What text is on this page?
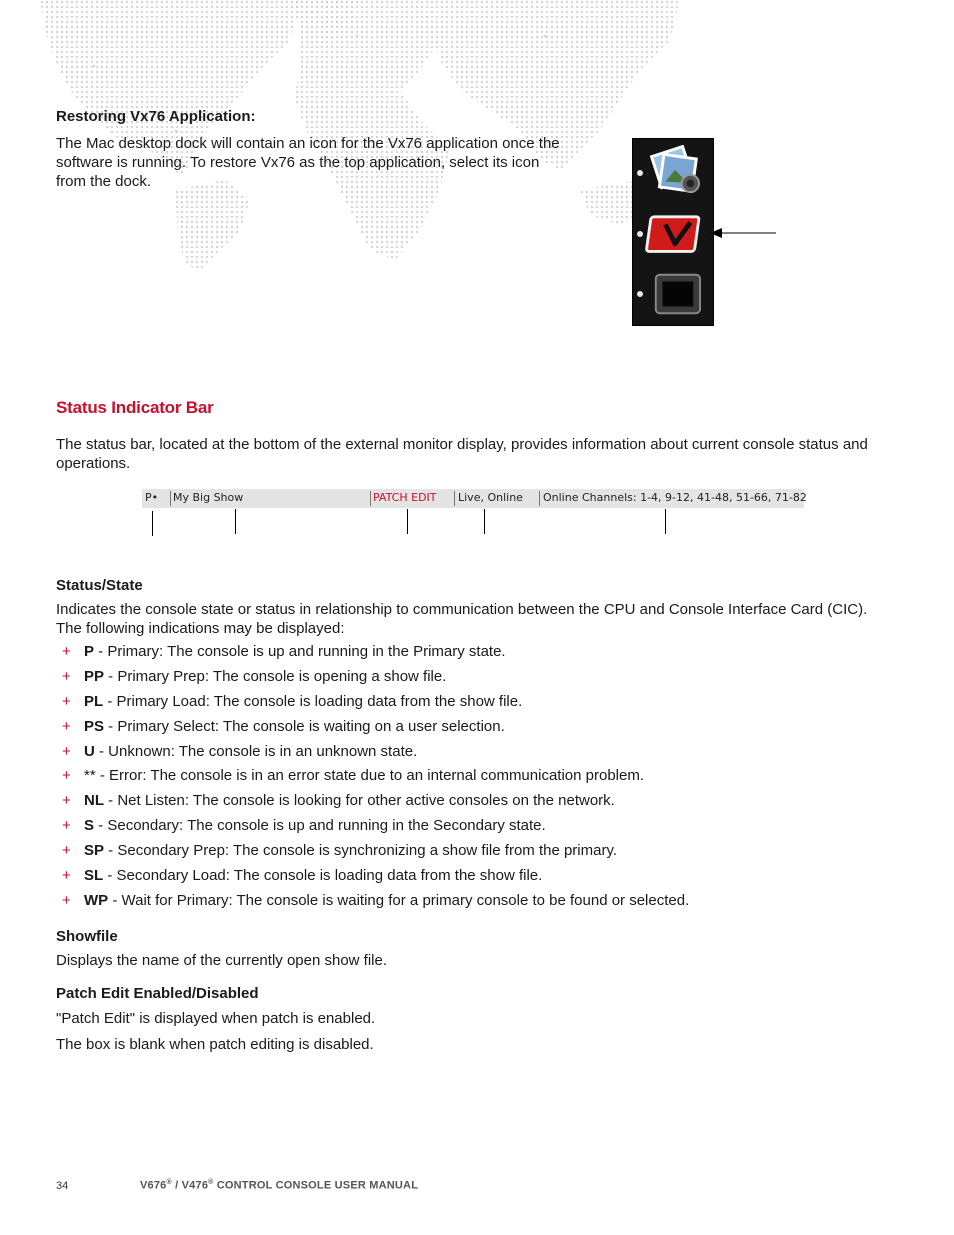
Restoring Vx76 Application:
The Mac desktop dock will contain an icon for the Vx76 application once the software is running. To restore Vx76 as the top application, select its icon from the dock.
Status Indicator Bar
The status bar, located at the bottom of the external monitor display, provides information about current console status and operations.
P• My Big Show	PATCH EDIT Live, Online Online Channels: 1-4, 9-12, 41-48, 51-66, 71-82
Status/State
Indicates the console state or status in relationship to communication between the CPU and Console Interface Card (CIC). The following indications may be displayed:
+ P - Primary: The console is up and running in the Primary state.
+ PP - Primary Prep: The console is opening a show file.
+ PL - Primary Load: The console is loading data from the show file.
+ PS - Primary Select: The console is waiting on a user selection.
+ U - Unknown: The console is in an unknown state.
+ ** - Error: The console is in an error state due to an internal communication problem.
+ NL - Net Listen: The console is looking for other active consoles on the network.
+ S - Secondary: The console is up and running in the Secondary state.
+ SP - Secondary Prep: The console is synchronizing a show file from the primary.
+ SL - Secondary Load: The console is loading data from the show file.
+ WP - Wait for Primary: The console is waiting for a primary console to be found or selected.
Showfile
Displays the name of the currently open show file.
Patch Edit Enabled/Disabled
"Patch Edit" is displayed when patch is enabled.
The box is blank when patch editing is disabled.
34	V676® / V476® CONTROL CONSOLE USER MANUAL
